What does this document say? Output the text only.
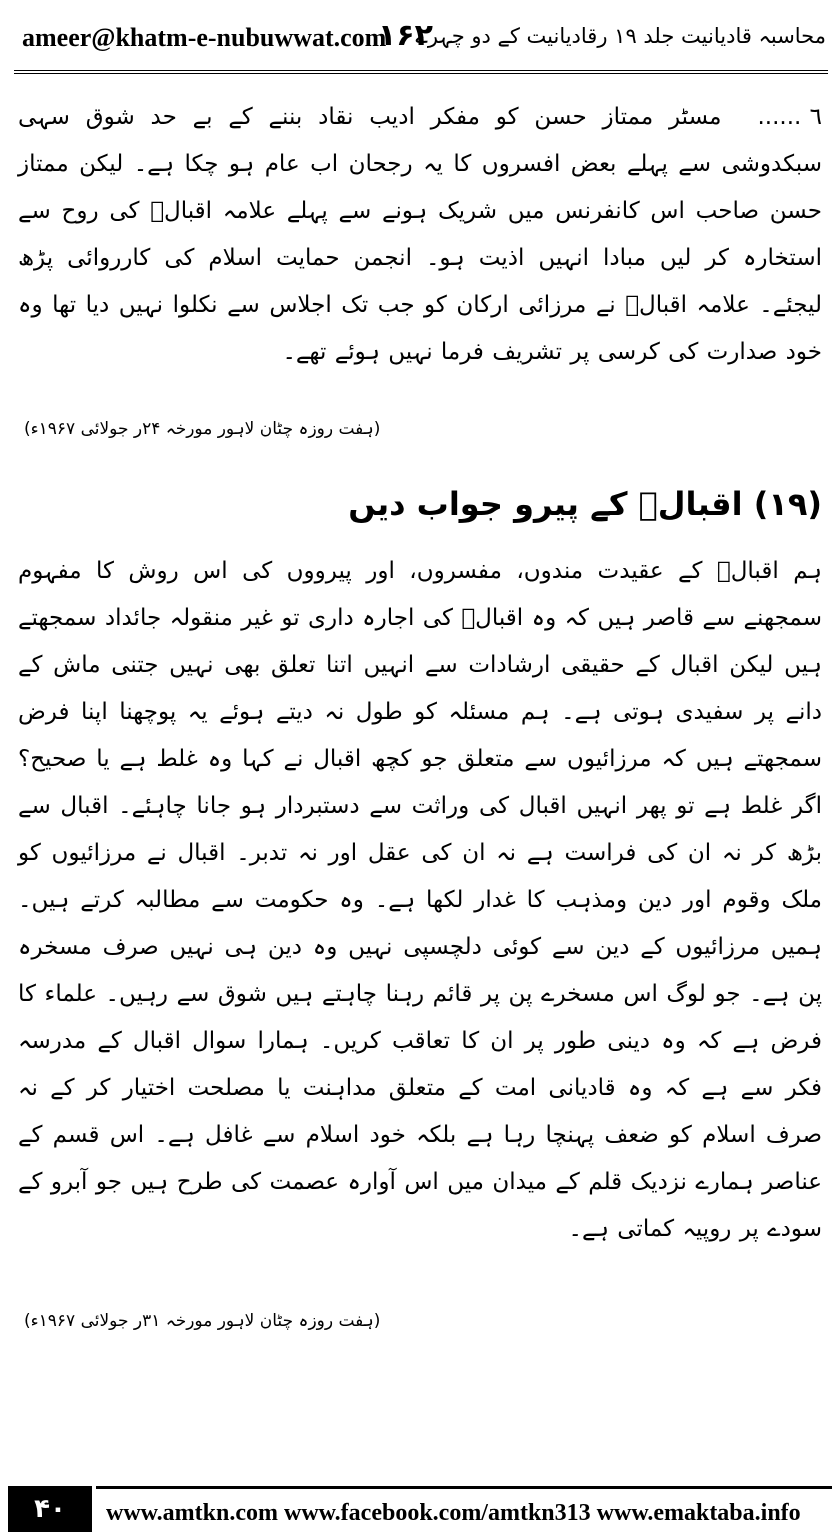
ameer@khatm-e-nubuwwat.com
۱۶۲
محاسبہ قادیانیت جلد ۱۹ رقادیانیت کے دو چہرے

٦ ......مسٹر ممتاز حسن کو مفکر ادیب نقاد بننے کے بے حد شوق سہی سبکدوشی سے پہلے بعض افسروں کا یہ رجحان اب عام ہو چکا ہے۔ لیکن ممتاز حسن صاحب اس کانفرنس میں شریک ہونے سے پہلے علامہ اقبالؒ کی روح سے استخارہ کر لیں مبادا انہیں اذیت ہو۔ انجمن حمایت اسلام کی کارروائی پڑھ لیجئے۔ علامہ اقبالؒ نے مرزائی ارکان کو جب تک اجلاس سے نکلوا نہیں دیا تھا وہ خود صدارت کی کرسی پر تشریف فرما نہیں ہوئے تھے۔

(ہفت روزہ چٹان لاہور مورخہ ۲۴ر جولائی ۱۹۶۷ء)
(۱۹) اقبالؒ کے پیرو جواب دیں

ہم اقبالؒ کے عقیدت مندوں، مفسروں، اور پیرووں کی اس روش کا مفہوم سمجھنے سے قاصر ہیں کہ وہ اقبالؒ کی اجارہ داری تو غیر منقولہ جائداد سمجھتے ہیں لیکن اقبال کے حقیقی ارشادات سے انہیں اتنا تعلق بھی نہیں جتنی ماش کے دانے پر سفیدی ہوتی ہے۔ ہم مسئلہ کو طول نہ دیتے ہوئے یہ پوچھنا اپنا فرض سمجھتے ہیں کہ مرزائیوں سے متعلق جو کچھ اقبال نے کہا وہ غلط ہے یا صحیح؟ اگر غلط ہے تو پھر انہیں اقبال کی وراثت سے دستبردار ہو جانا چاہئے۔ اقبال سے بڑھ کر نہ ان کی فراست ہے نہ ان کی عقل اور نہ تدبر۔ اقبال نے مرزائیوں کو ملک وقوم اور دین ومذہب کا غدار لکھا ہے۔ وہ حکومت سے مطالبہ کرتے ہیں۔ ہمیں مرزائیوں کے دین سے کوئی دلچسپی نہیں وہ دین ہی نہیں صرف مسخرہ پن ہے۔ جو لوگ اس مسخرے پن پر قائم رہنا چاہتے ہیں شوق سے رہیں۔ علماء کا فرض ہے کہ وہ دینی طور پر ان کا تعاقب کریں۔ ہمارا سوال اقبال کے مدرسہ فکر سے ہے کہ وہ قادیانی امت کے متعلق مداہنت یا مصلحت اختیار کر کے نہ صرف اسلام کو ضعف پہنچا رہا ہے بلکہ خود اسلام سے غافل ہے۔ اس قسم کے عناصر ہمارے نزدیک قلم کے میدان میں اس آوارہ عصمت کی طرح ہیں جو آبرو کے سودے پر روپیہ کماتی ہے۔

(ہفت روزہ چٹان لاہور مورخہ ۳۱ر جولائی ۱۹۶۷ء)
۴۰	www.amtkn.com www.facebook.com/amtkn313 www.emaktaba.info
